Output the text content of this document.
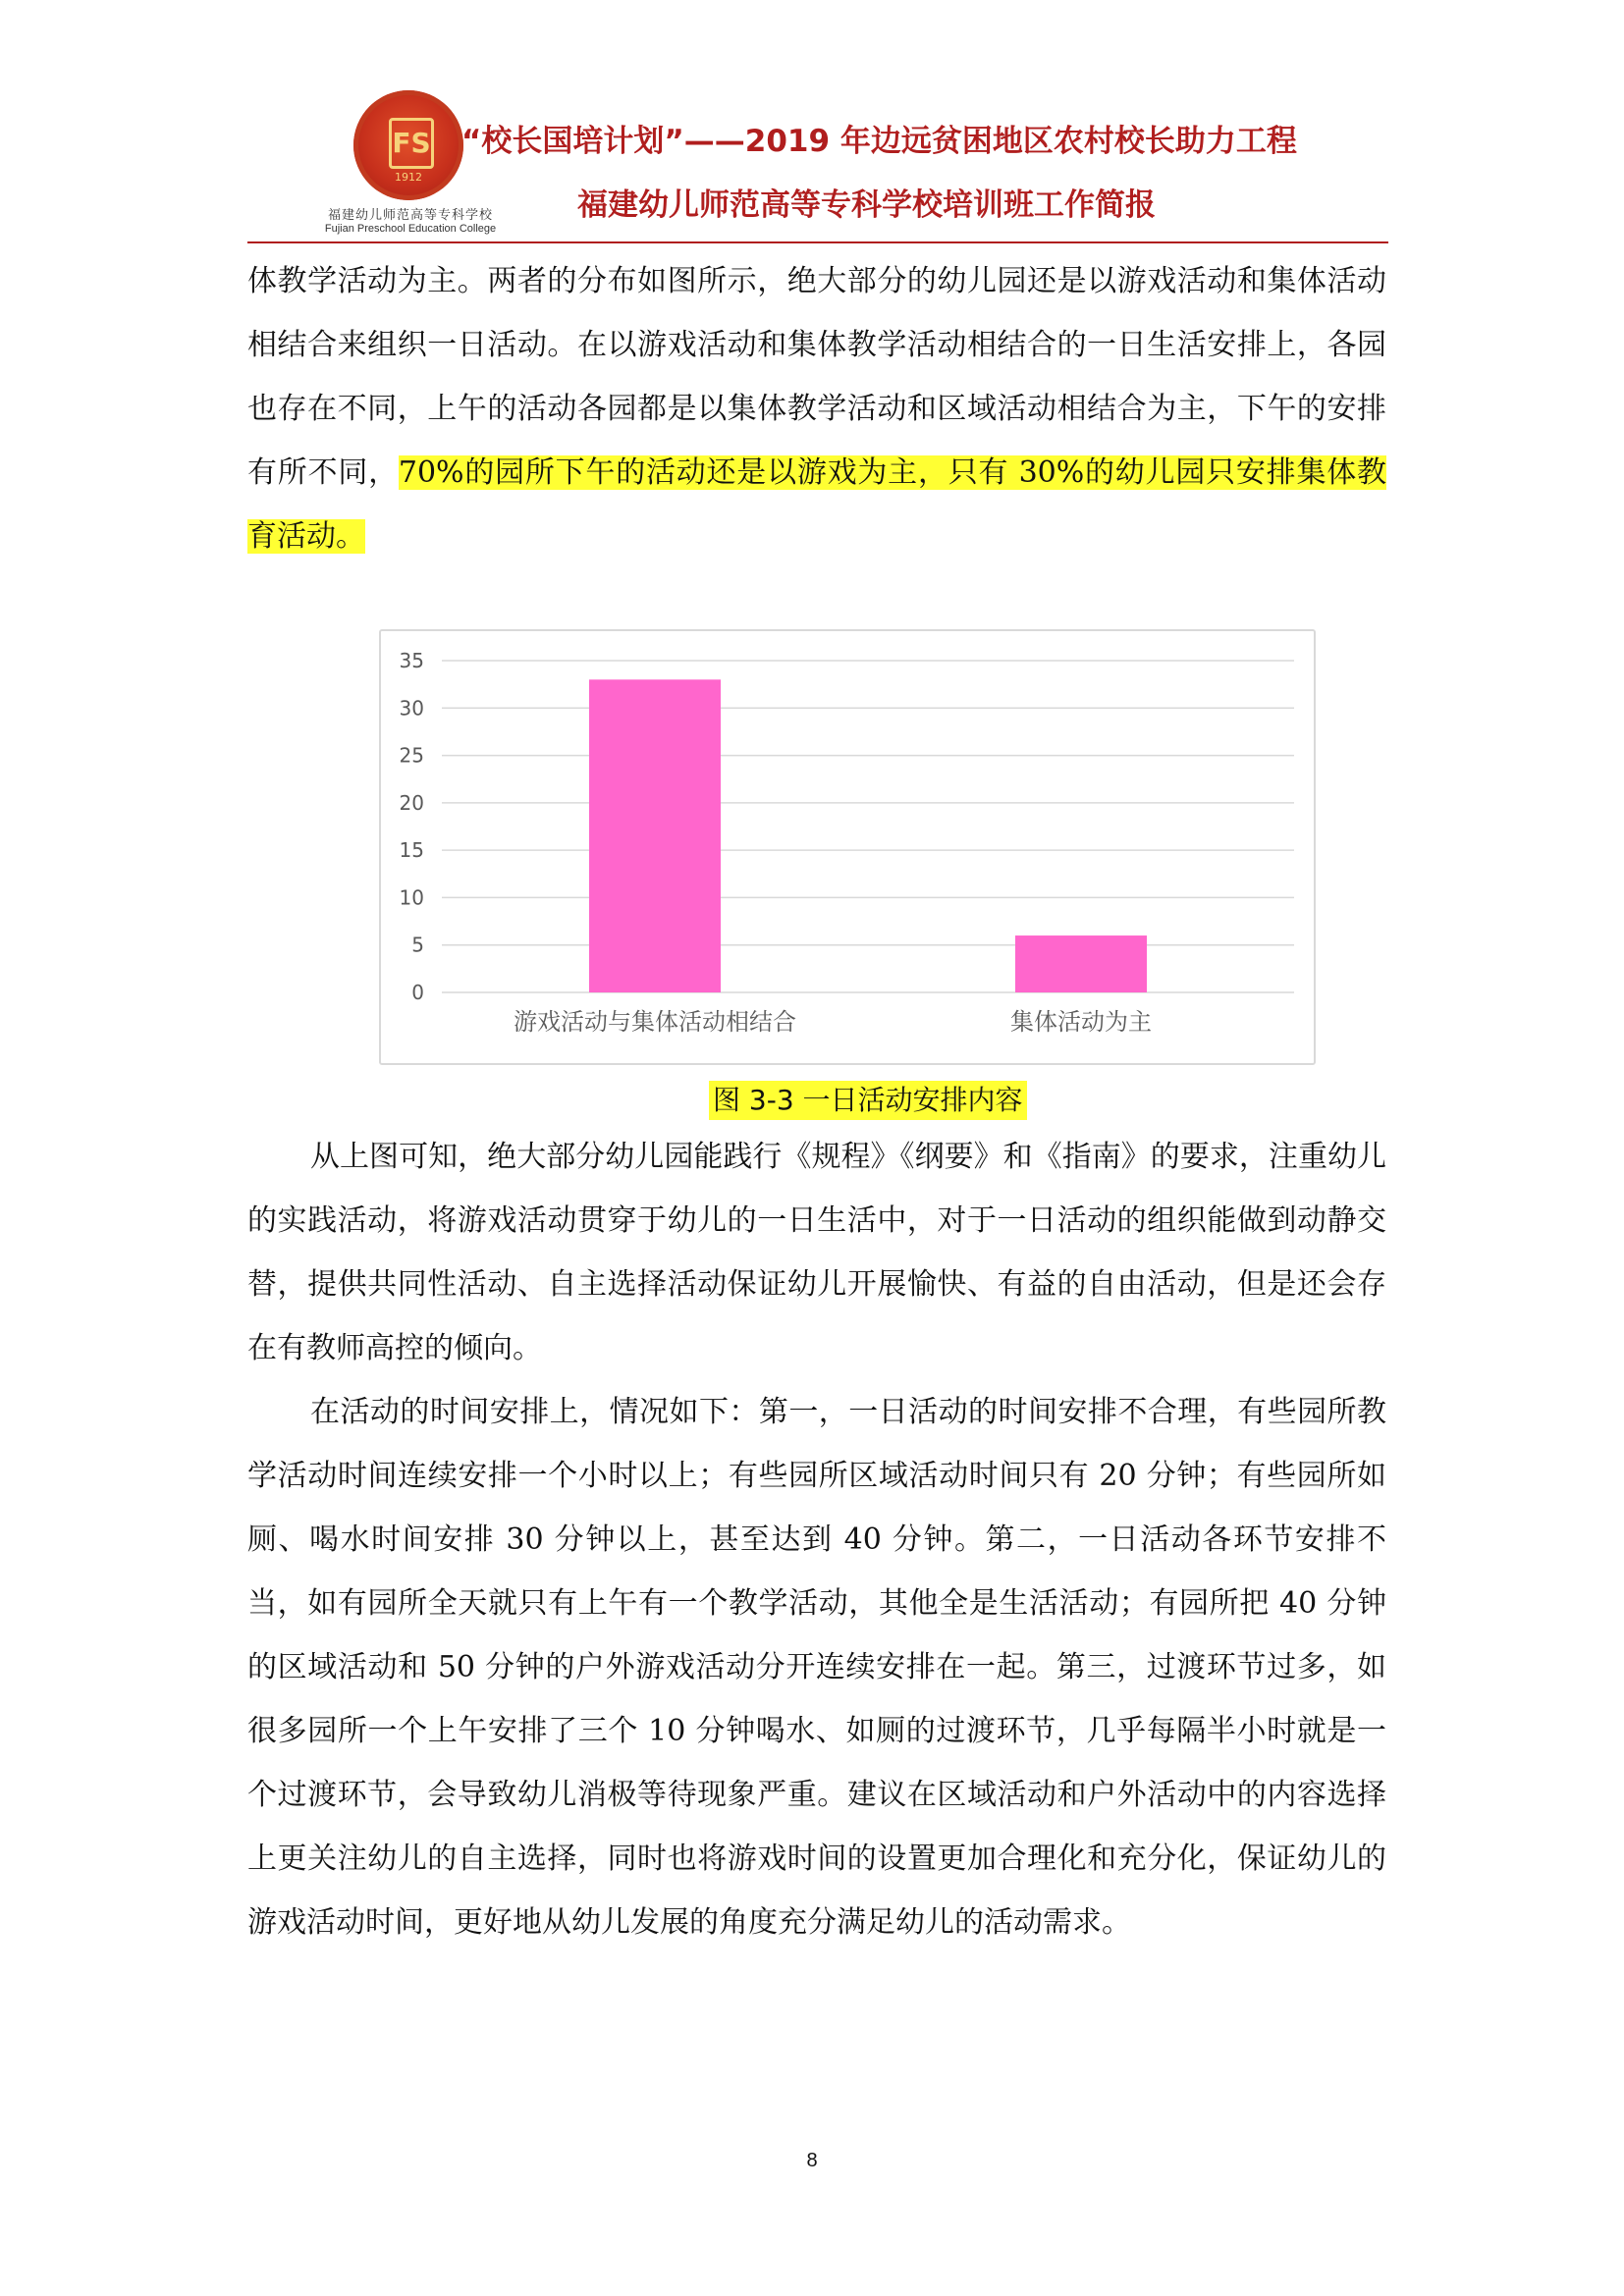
FS
1912
福建幼儿师范高等专科学校
Fujian Preschool Education College
“校长国培计划”——2019 年边远贫困地区农村校长助力工程
福建幼儿师范高等专科学校培训班工作简报
体教学活动为主。两者的分布如图所示，绝大部分的幼儿园还是以游戏活动和集体活动相结合来组织一日活动。在以游戏活动和集体教学活动相结合的一日生活安排上，各园也存在不同，上午的活动各园都是以集体教学活动和区域活动相结合为主，下午的安排有所不同，70%的园所下午的活动还是以游戏为主，只有 30%的幼儿园只安排集体教育活动。
0
5
10
15
20
25
30
35
游戏活动与集体活动相结合	集体活动为主
图 3-3 一日活动安排内容
从上图可知，绝大部分幼儿园能践行《规程》《纲要》和《指南》的要求，注重幼儿的实践活动，将游戏活动贯穿于幼儿的一日生活中，对于一日活动的组织能做到动静交替，提供共同性活动、自主选择活动保证幼儿开展愉快、有益的自由活动，但是还会存在有教师高控的倾向。
在活动的时间安排上，情况如下：第一，一日活动的时间安排不合理，有些园所教学活动时间连续安排一个小时以上；有些园所区域活动时间只有 20 分钟；有些园所如厕、喝水时间安排 30 分钟以上，甚至达到 40 分钟。第二，一日活动各环节安排不当，如有园所全天就只有上午有一个教学活动，其他全是生活活动；有园所把 40 分钟的区域活动和 50 分钟的户外游戏活动分开连续安排在一起。第三，过渡环节过多，如很多园所一个上午安排了三个 10 分钟喝水、如厕的过渡环节，几乎每隔半小时就是一个过渡环节，会导致幼儿消极等待现象严重。建议在区域活动和户外活动中的内容选择上更关注幼儿的自主选择，同时也将游戏时间的设置更加合理化和充分化，保证幼儿的游戏活动时间，更好地从幼儿发展的角度充分满足幼儿的活动需求。
8
